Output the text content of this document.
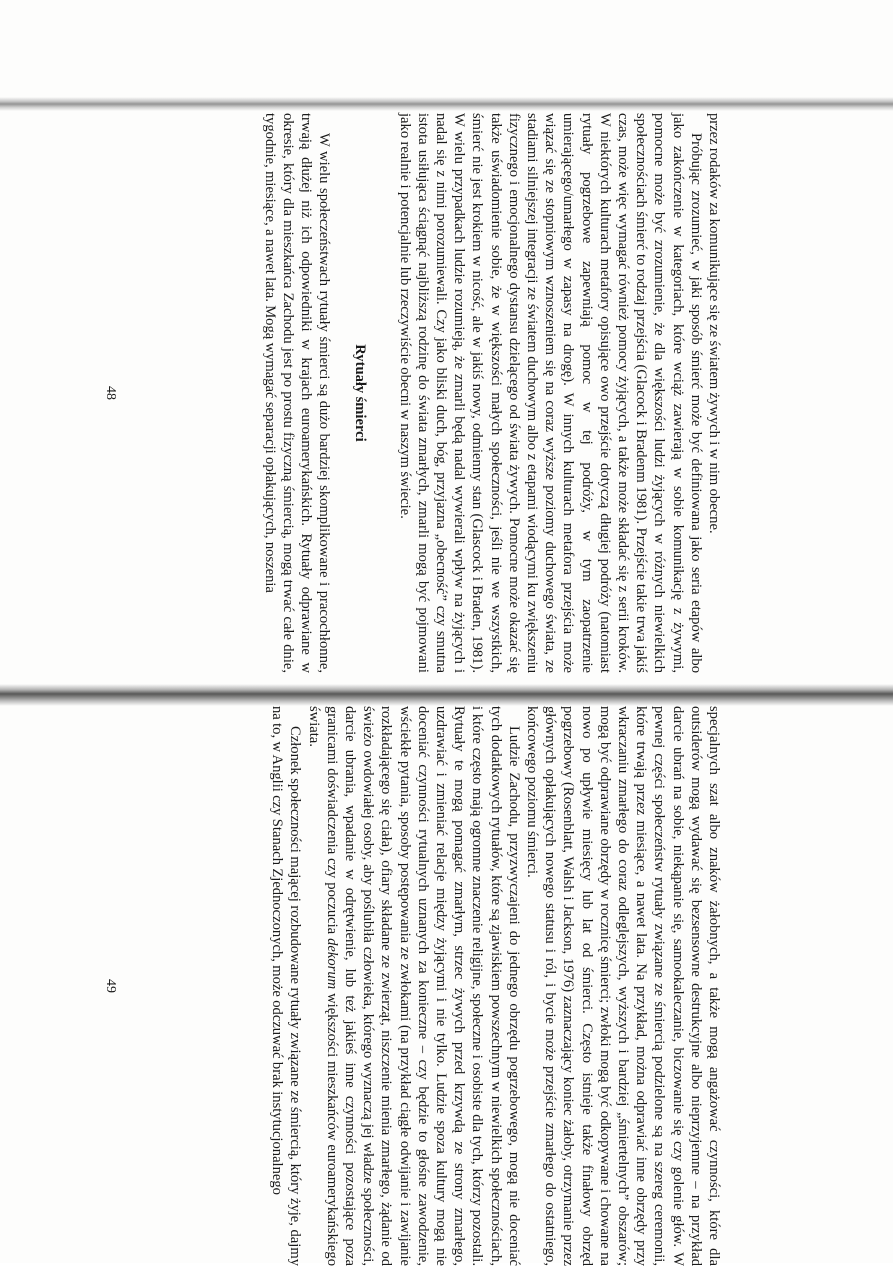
przez rodaków za komunikujące się ze światem żywych i w nim obecne.

Próbując zrozumieć, w jaki sposób śmierć może być definiowana jako seria etapów albo jako zakończenie w kategoriach, które wciąż zawierają w sobie komunikację z żywymi, pomocne może być zrozumienie, że dla większości ludzi żyjących w różnych niewielkich społecznościach śmierć to rodzaj przejścia (Glacock i Bradenm 1981). Przejście takie trwa jakiś czas, może więc wymagać również pomocy żyjących, a także może składać się z serii kroków. W niektórych kulturach metafory opisujące owo przejście dotyczą długiej podróży (natomiast rytuały pogrzebowe zapewniają pomoc w tej podróży, w tym zaopatrzenie umierającego/umarłego w zapasy na drogę). W innych kulturach metafora przejścia może wiązać się ze stopniowym wznoszeniem się na coraz wyższe poziomy duchowego świata, ze stadiami silniejszej integracji ze światem duchowym albo z etapami wiodącymi ku zwiększeniu fizycznego i emocjonalnego dystansu dzielącego od świata żywych. Pomocne może okazać się także uświadomienie sobie, że w większości małych społeczności, jeśli nie we wszystkich, śmierć nie jest krokiem w nicość, ale w jakiś nowy, odmienny stan (Glascock i Braden, 1981). W wielu przypadkach ludzie rozumieją, że zmarli będą nadal wywierali wpływ na żyjących i nadal się z nimi porozumiewali. Czy jako bliski duch, bóg, przyjazna „obecność” czy smutna istota usiłująca ściągnąć najbliższą rodzinę do świata zmarłych, zmarli mogą być pojmowani jako realnie i potencjalnie lub rzeczywiście obecni w naszym świecie.

Rytuały śmierci

W wielu społeczeństwach rytuały śmierci są dużo bardziej skomplikowane i pracochłonne, trwają dłużej niż ich odpowiedniki w krajach euroamerykańskich. Rytuały odprawiane w okresie, który dla mieszkańca Zachodu jest po prostu fizyczną śmiercią, mogą trwać całe dnie, tygodnie, miesiące, a nawet lata. Mogą wymagać separacji opłakujących, noszenia

48

specjalnych szat albo znaków żałobnych, a także mogą angażować czynności, które dla outsiderów mogą wydawać się bezsensowne destrukcyjne albo nieprzyjemne – na przykład darcie ubrań na sobie, niekąpanie się, samookaleczanie, biczowanie się czy golenie głów. W pewnej części społeczeństw rytuały związane ze śmiercią podzielone są na szereg ceremonii, które trwają przez miesiące, a nawet lata. Na przykład, można odprawiać inne obrzędy przy wkraczaniu zmarłego do coraz odleglejszych, wyższych i bardziej „śmiertelnych” obszarów; mogą być odprawiane obrzędy w rocznicę śmierci; zwłoki mogą być odkopywane i chowane na nowo po upływie miesięcy lub lat od śmierci. Często istnieje także finałowy obrzęd pogrzebowy (Rosenblatt, Walsh i Jackson, 1976) zaznaczający koniec żałoby, otrzymanie przez głównych opłakujących nowego statusu i ról, i bycie może przejście zmarłego do ostatniego, końcowego poziomu śmierci.

Ludzie Zachodu, przyzwyczajeni do jednego obrzędu pogrzebowego, mogą nie doceniać tych dodatkowych rytuałów, które są zjawiskiem powszechnym w niewielkich społecznościach, i które często mają ogromne znaczenie religijne, społeczne i osobiste dla tych, którzy pozostali. Rytuały te mogą pomagać zmarłym, strzec żywych przed krzywdą ze strony zmarłego, uzdrawiać i zmieniać relacje między żyjącymi i nie tylko. Ludzie spoza kultury mogą nie doceniać czynności rytualnych uznanych za konieczne – czy będzie to głośne zawodzenie, wściekłe pytania, sposoby postępowania ze zwłokami (na przykład ciągłe odwijanie i zawijanie rozkładającego się ciała), ofiary składane ze zwierząt, niszczenie mienia zmarłego, żądanie od świeżo owdowiałej osoby, aby poślubiła człowieka, którego wyznaczą jej władze społeczności, darcie ubrania, wpadanie w odrętwienie, lub też jakieś inne czynności pozostające poza granicami doświadczenia czy poczucia dekorum większości mieszkańców euroamerykańskiego świata.

Członek społeczności mającej rozbudowane rytuały związane ze śmiercią, który żyje, dajmy na to, w Anglii czy Stanach Zjednoczonych, może odczuwać brak instytucjonalnego

49
